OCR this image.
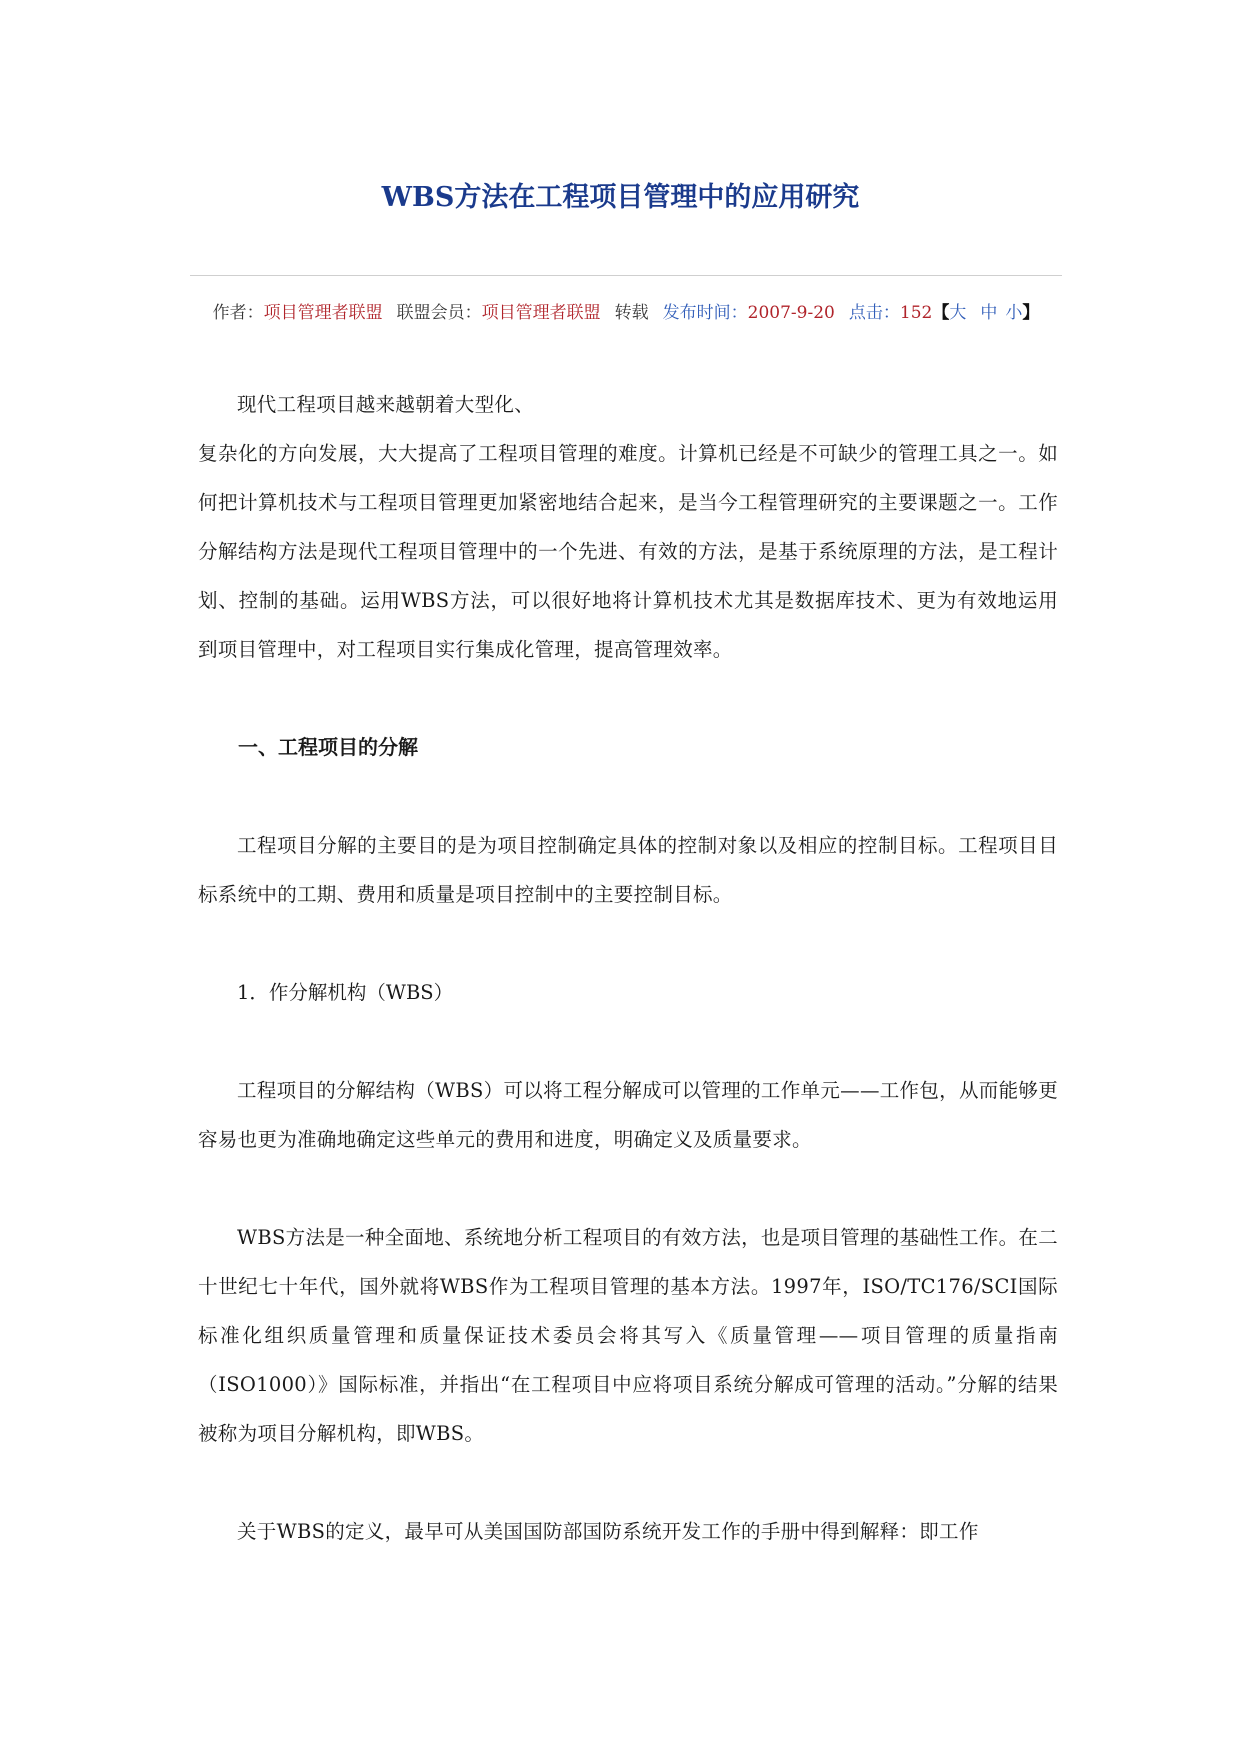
WBS方法在工程项目管理中的应用研究
作者：项目管理者联盟 联盟会员：项目管理者联盟 转载 发布时间：2007-9-20 点击：152【大 中 小】

现代工程项目越来越朝着大型化、

复杂化的方向发展，大大提高了工程项目管理的难度。计算机已经是不可缺少的管理工具之一。如何把计算机技术与工程项目管理更加紧密地结合起来，是当今工程管理研究的主要课题之一。工作分解结构方法是现代工程项目管理中的一个先进、有效的方法，是基于系统原理的方法，是工程计划、控制的基础。运用WBS方法，可以很好地将计算机技术尤其是数据库技术、更为有效地运用到项目管理中，对工程项目实行集成化管理，提高管理效率。

一、工程项目的分解

工程项目分解的主要目的是为项目控制确定具体的控制对象以及相应的控制目标。工程项目目标系统中的工期、费用和质量是项目控制中的主要控制目标。

1．作分解机构（WBS）

工程项目的分解结构（WBS）可以将工程分解成可以管理的工作单元——工作包，从而能够更容易也更为准确地确定这些单元的费用和进度，明确定义及质量要求。

WBS方法是一种全面地、系统地分析工程项目的有效方法，也是项目管理的基础性工作。在二十世纪七十年代，国外就将WBS作为工程项目管理的基本方法。1997年，ISO/TC176/SCI国际标准化组织质量管理和质量保证技术委员会将其写入《质量管理——项目管理的质量指南（ISO1000）》国际标准，并指出“在工程项目中应将项目系统分解成可管理的活动。”分解的结果被称为项目分解机构，即WBS。

关于WBS的定义，最早可从美国国防部国防系统开发工作的手册中得到解释：即工作
